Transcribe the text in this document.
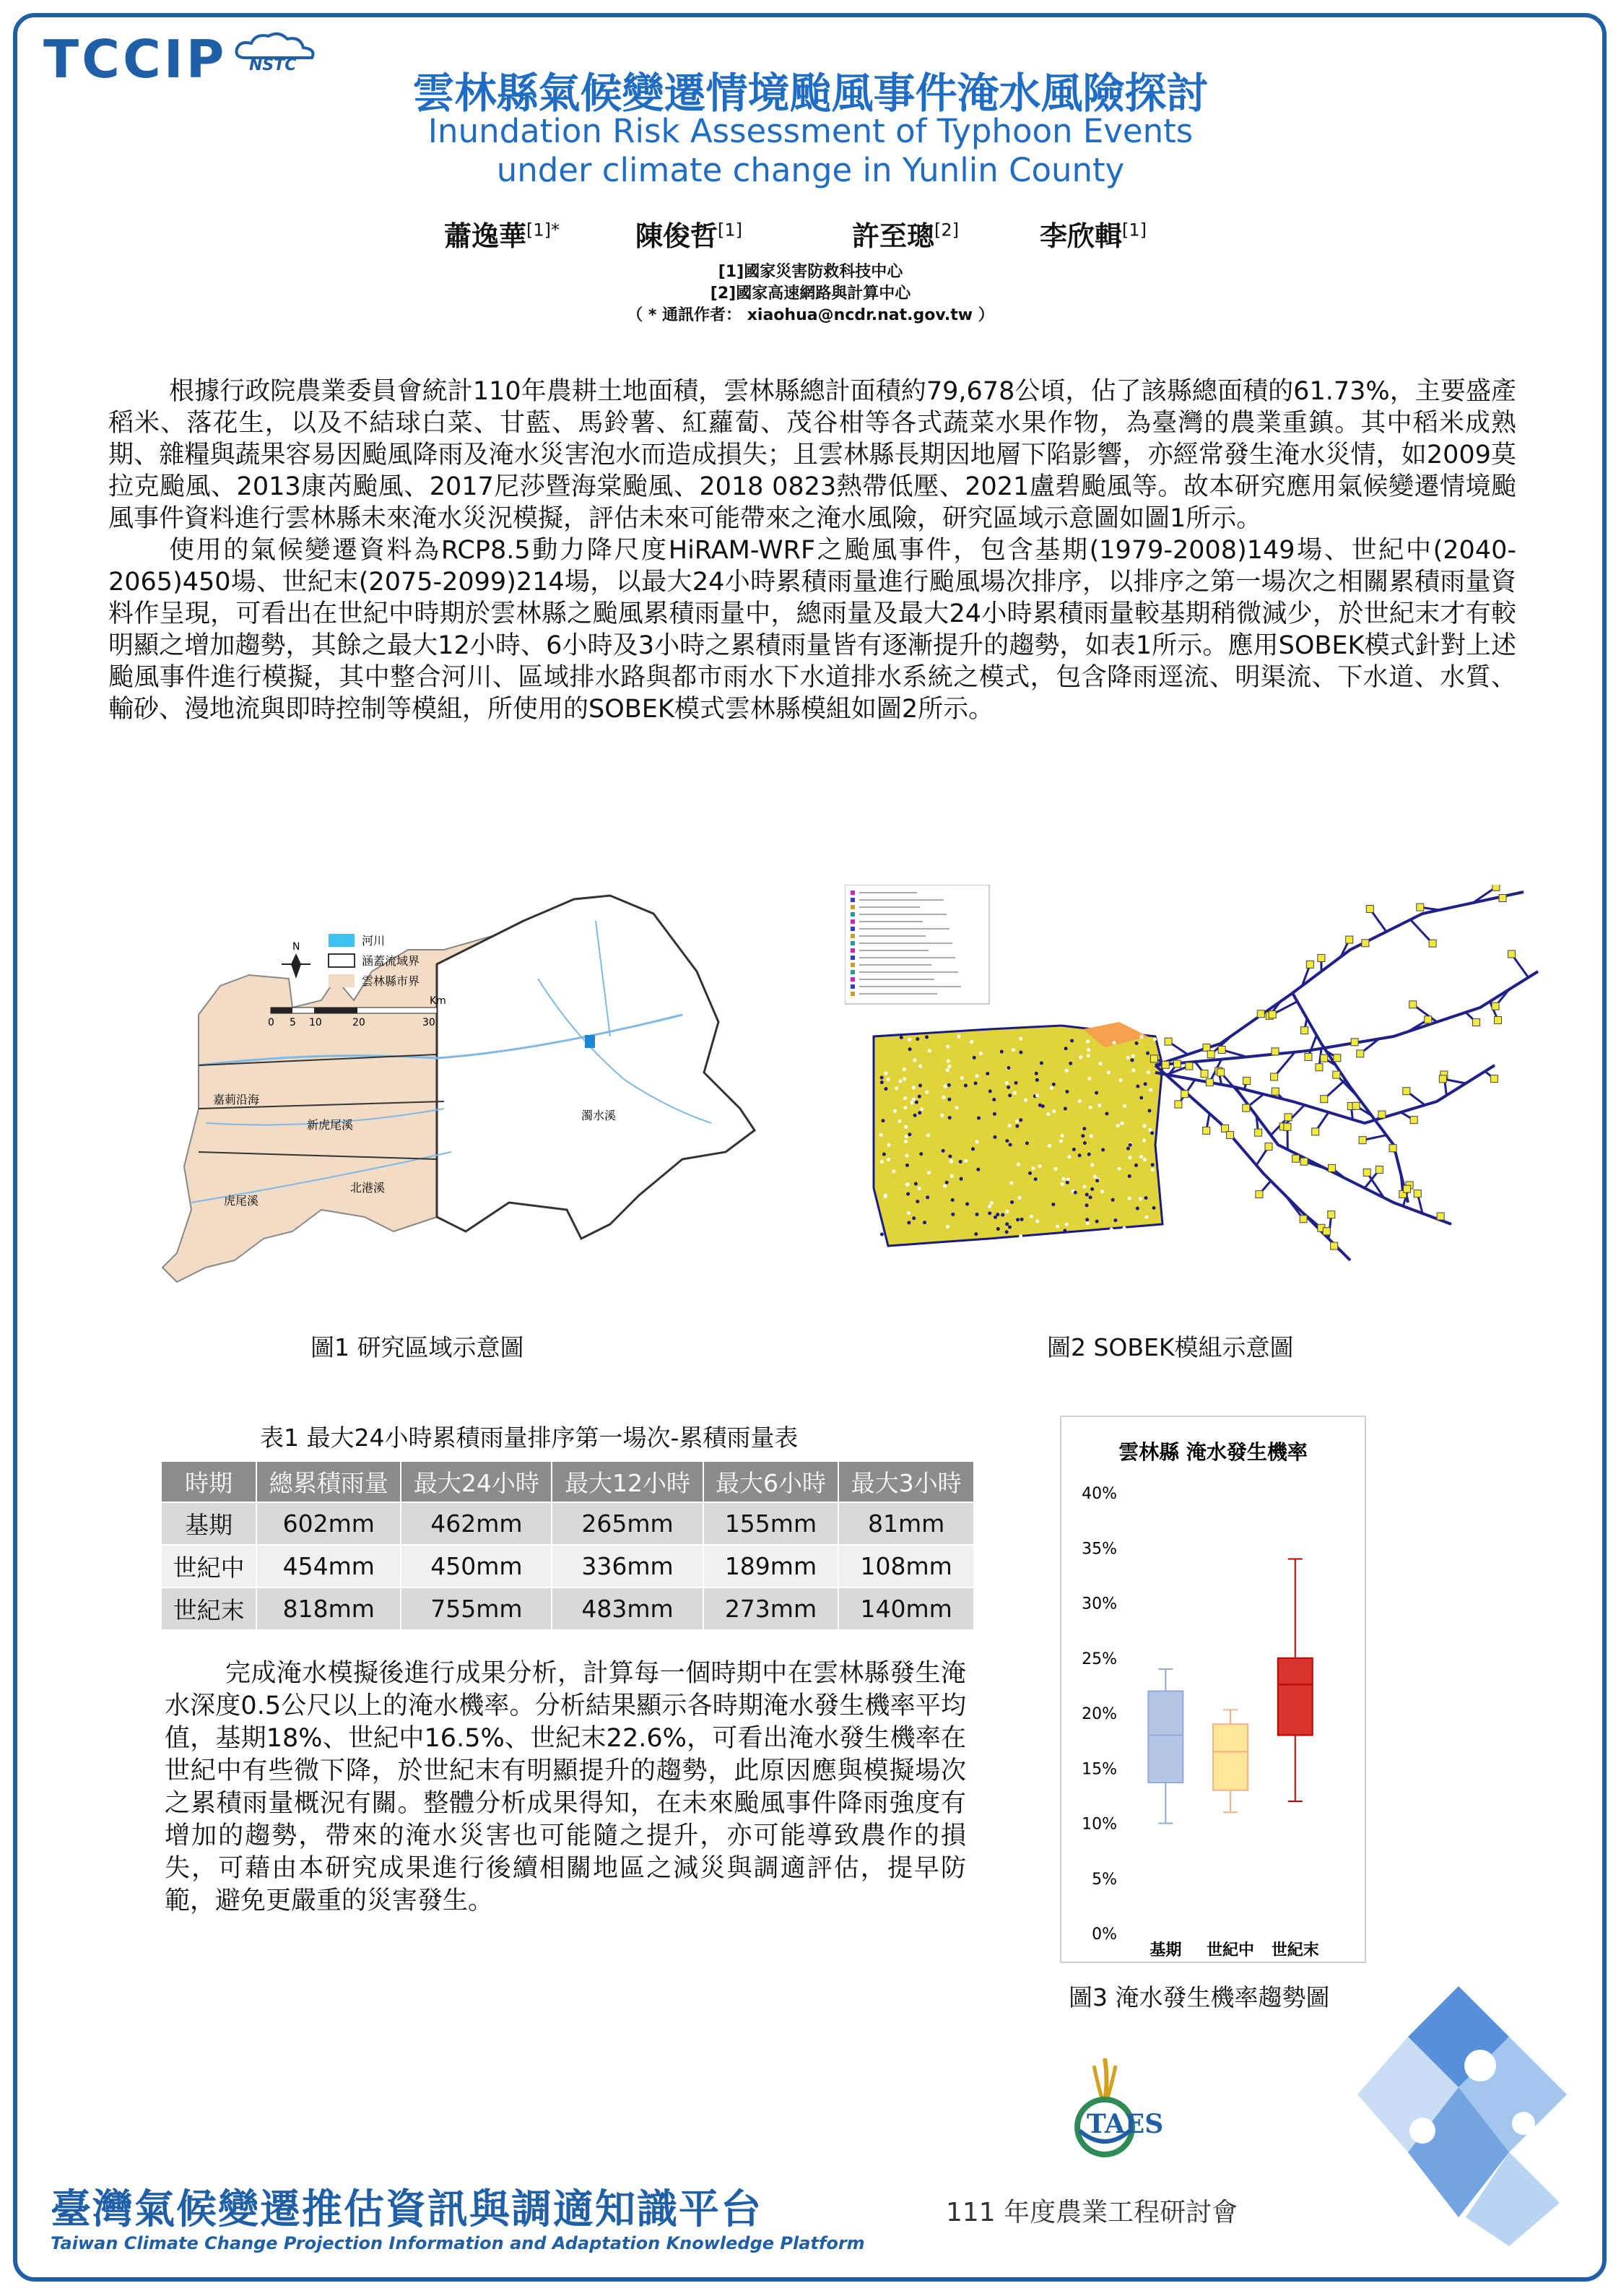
TCCIP NSTC
雲林縣氣候變遷情境颱風事件淹水風險探討
Inundation Risk Assessment of Typhoon Events
under climate change in Yunlin County
蕭逸華$^{[1]*}$	陳俊哲[1]	許至璁[2]	李欣輯[1]
[1]國家災害防救科技中心
[2]國家高速網路與計算中心
（ * 通訊作者： xiaohua@ncdr.nat.gov.tw ）

根據行政院農業委員會統計110年農耕土地面積，雲林縣總計面積約79,678公頃，佔了該縣總面積的61.73%，主要盛產稻米、落花生，以及不結球白菜、甘藍、馬鈴薯、紅蘿蔔、茂谷柑等各式蔬菜水果作物，為臺灣的農業重鎮。其中稻米成熟期、雜糧與蔬果容易因颱風降雨及淹水災害泡水而造成損失；且雲林縣長期因地層下陷影響，亦經常發生淹水災情，如2009莫拉克颱風、2013康芮颱風、2017尼莎暨海棠颱風、2018 0823熱帶低壓、2021盧碧颱風等。故本研究應用氣候變遷情境颱風事件資料進行雲林縣未來淹水災況模擬，評估未來可能帶來之淹水風險，研究區域示意圖如圖1所示。

使用的氣候變遷資料為RCP8.5動力降尺度HiRAM-WRF之颱風事件，包含基期(1979-2008)149場、世紀中(2040-2065)450場、世紀末(2075-2099)214場，以最大24小時累積雨量進行颱風場次排序，以排序之第一場次之相關累積雨量資料作呈現，可看出在世紀中時期於雲林縣之颱風累積雨量中，總雨量及最大24小時累積雨量較基期稍微減少，於世紀末才有較明顯之增加趨勢，其餘之最大12小時、6小時及3小時之累積雨量皆有逐漸提升的趨勢，如表1所示。應用SOBEK模式針對上述颱風事件進行模擬，其中整合河川、區域排水路與都市雨水下水道排水系統之模式，包含降雨逕流、明渠流、下水道、水質、輸砂、漫地流與即時控制等模組，所使用的SOBEK模式雲林縣模組如圖2所示。

嘉莿沿海
新虎尾溪
虎尾溪
北港溪
濁水溪
N	河川
涵蓋流域界
雲林縣市界
0 5 10	20	30
Km
圖1 研究區域示意圖	圖2 SOBEK模組示意圖
表1 最大24小時累積雨量排序第一場次-累積雨量表
時期	總累積雨量	最大24小時	最大12小時	最大6小時	最大3小時
基期	602mm	462mm	265mm	155mm	81mm
世紀中	454mm	450mm	336mm	189mm	108mm
世紀末	818mm	755mm	483mm	273mm	140mm

完成淹水模擬後進行成果分析，計算每一個時期中在雲林縣發生淹水深度0.5公尺以上的淹水機率。分析結果顯示各時期淹水發生機率平均值，基期18%、世紀中16.5%、世紀末22.6%，可看出淹水發生機率在世紀中有些微下降，於世紀末有明顯提升的趨勢，此原因應與模擬場次之累積雨量概況有關。整體分析成果得知，在未來颱風事件降雨強度有增加的趨勢，帶來的淹水災害也可能隨之提升，亦可能導致農作的損失，可藉由本研究成果進行後續相關地區之減災與調適評估，提早防範，避免更嚴重的災害發生。

雲林縣 淹水發生機率
0%
5%
10%
15%
20%
25%
30%
35%
40%
基期 世紀中 世紀末
圖3 淹水發生機率趨勢圖
TAES
臺灣氣候變遷推估資訊與調適知識平台
Taiwan Climate Change Projection Information and Adaptation Knowledge Platform
111 年度農業工程研討會
